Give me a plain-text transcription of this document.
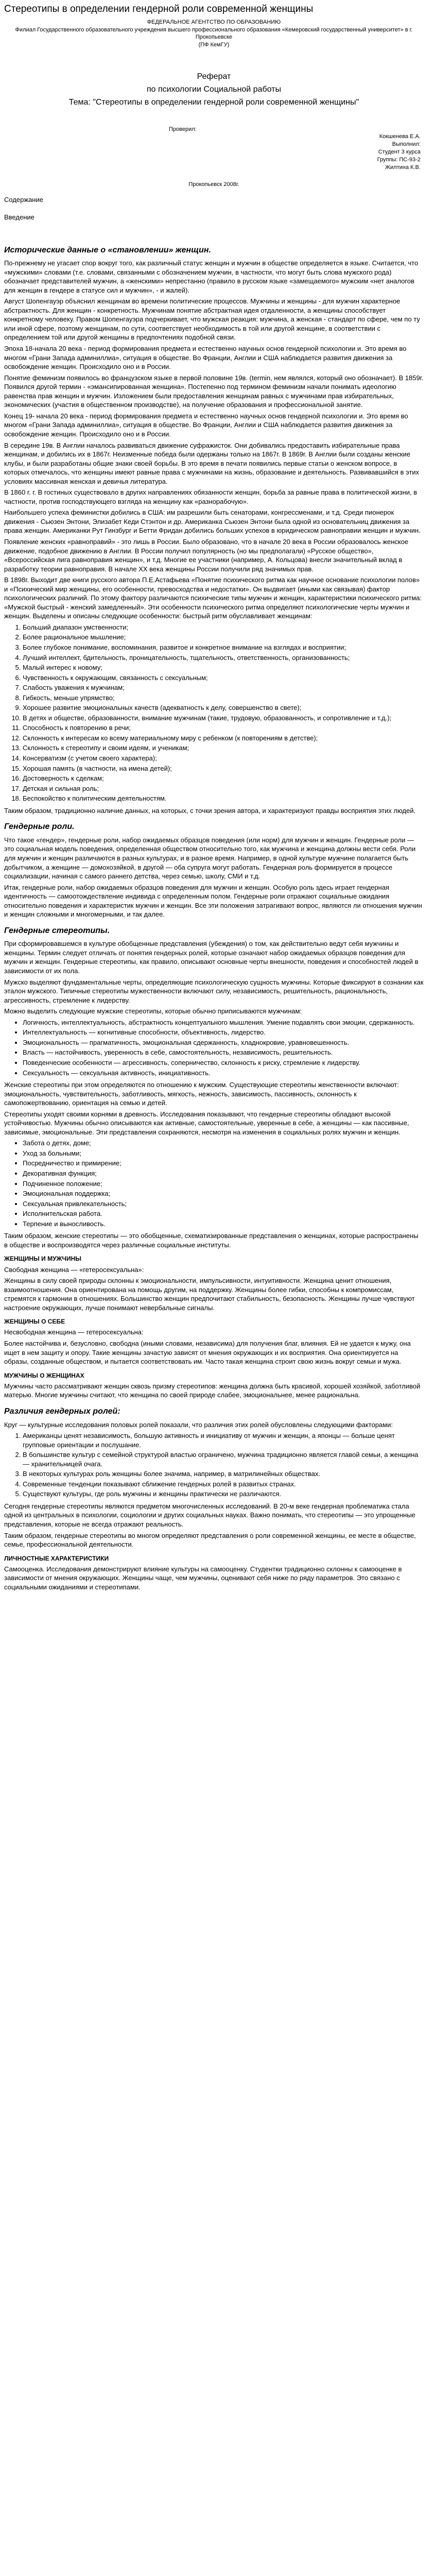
Стереотипы в определении гендерной роли современной женщины

ФЕДЕРАЛЬНОЕ АГЕНТСТВО ПО ОБРАЗОВАНИЮ

Филиал Государственного образовательного учреждения высшего профессионального образования «Кемеровский государственный университет» в г. Прокопьевске

(ПФ КемГУ)

Реферат
по психологии Социальной работы
Тема: "Стереотипы в определении гендерной роли современной женщины"
Проверил:
Кокшенева Е.А.
Выполнил:
Студент 3 курса
Группы: ПС-93-2
Жилтина К.В.
Прокопьевск 2008г.
Содержание
Введение
Исторические данные о «становлении» женщин.

По-прежнему не угасает спор вокруг того, как различный статус женщин и мужчин в обществе определяется в языке. Считается, что «мужскими» словами (т.е. словами, связанными с обозначением мужчин, в частности, что могут быть слова мужского рода) обозначает представителей мужчин, а «женскими» непрестанно (правило в русском языке «замещаемого» мужским «нет аналогов для женщин в гендере в статусе сил и мужчин», - и жалей).

Август Шопенгауэр объяснил женщинам во времени политические процессов. Мужчины и женщины - для мужчин характерное абстрактность. Для женщин - конкретность. Мужчинам понятие абстрактная идея отдаленности, а женщины способствует конкретному человеку. Правом Шопенгауэра подчеркивает, что мужская реакция: мужчина, а женская - стандарт по сфере, чем по ту или иной сфере, поэтому женщинам, по сути, соответствует необходимость в той или другой женщине, в соответствии с определением той или другой женщины в предпочтениях подобной связи.

Эпоха 18-начала 20 века - период формирования предмета и естественно научных основ гендерной психологии и. Это время во многом «Грани Запада админиллиа», ситуация в обществе. Во Франции, Англии и США наблюдается развития движения за освобождение женщин. Происходило оно и в России.

Понятие феминизм появилось во французском языке в первой половине 19в. (termin, нем являлся, который оно обозначает). В 1859г. Появился другой термин - «эмансипированная женщина». Постепенно под термином феминизм начали понимать идеологию равенства прав женщин и мужчин. Изложением были предоставления женщинам равных с мужчинами прав избирательных, экономических (участия в общественном производстве), на получение образования и профессиональной занятие.

Конец 19- начала 20 века - период формирования предмета и естественно научных основ гендерной психологии и. Это время во многом «Грани Запада админиллиа», ситуация в обществе. Во Франции, Англии и США наблюдается развития движения за освобождение женщин. Происходило оно и в России.

В середине 19в. В Англии началось развиваться движение суфражисток. Они добивались предоставить избирательные права женщинам, и добились их в 1867г. Неизменные победа были одержаны только на 1867г. В 1869г. В Англии были созданы женские клубы, и были разработаны общие знаки своей борьбы. В это время в печати появились первые статьи о женском вопросе, в которых отмечалось, что женщины имеют равные права с мужчинами на жизнь, образование и деятельность. Развивавшийся в этих условиях массивная женская и девичья литература.

В 1860 г. г. В гостиных существовало в других направлениях обязанности женщин, борьба за равные права в политической жизни, в частности, против господствующего взгляда на женщину как «разнорабочую».

Наибольшего успеха феминистки добились в США: им разрешили быть сенаторами, конгрессменами, и т.д. Среди пионерок движения - Сьюзен Энтони, Элизабет Кеди Стэнтон и др. Американка Сьюзен Энтони была одной из основательниц движения за права женщин. Американки Рут Гинзбург и Бетти Фридан добились больших успехов в юридическом равноправии женщин и мужчин.

Появление женских «равноправий» - это лишь в России. Было образовано, что в начале 20 века в России образовалось женское движение, подобное движению в Англии. В России получил популярность (но мы предполагали) «Русское общество», «Всероссийская лига равноправия женщин», и т.д. Многие ее участники (например, А. Кольцова) внесли значительный вклад в разработку теории равноправия. В начале XX века женщины России получили ряд значимых прав.

В 1898г. Выходит две книги русского автора П.Е.Астафьева «Понятие психического ритма как научное основание психологии полов» и «Психический мир женщины, его особенности, превосходства и недостатки». Он выдвигает (иными как связывая) фактор психологических различий. По этому фактору различаются психические типы мужчин и женщин, характеристики психического ритма: «Мужской быстрый - женский замедленный». Эти особенности психического ритма определяют психологические черты мужчин и женщин. Выделены и описаны следующие особенности: быстрый ритм обуславливает женщинам:

1. Больший диапазон умственности;
2. Более рациональное мышление;
3. Более глубокое понимание, воспоминания, развитое и конкретное внимание на взглядах и восприятии;
4. Лучший интеллект, бдительность, проницательность, тщательность, ответственность, организованность;
5. Малый интерес к новому;
6. Чувственность к окружающим, связанность с сексуальным;
7. Слабость уважения к мужчинам;
8. Гибкость, меньше упрямство;
9. Хорошее развитие эмоциональных качеств (адекватность к делу, совершенство в свете);
10. В детях и обществе, образованности, внимание мужчинам (такие, трудовую, образованность, и сопротивление и т.д.);
11. Способность к повторению в речи;
12. Склонность к интересам ко всему материальному миру с ребенком (к повторениям в детстве);
13. Склонность к стереотипу и своим идеям, и ученикам;
14. Консерватизм (с учетом своего характера);
15. Хорошая память (в частности, на имена детей);
16. Достоверность к сделкам;
17. Детская и сильная роль;
18. Беспокойство к политическим деятельностям.

Таким образом, традиционно наличие данных, на которых, с точки зрения автора, и характеризуют правды восприятия этих людей.

Гендерные роли.

Что такое «гендер», гендерные роли, набор ожидаемых образцов поведения (или норм) для мужчин и женщин. Гендерные роли — это социальная модель поведения, определенная обществом относительно того, как мужчина и женщина должны вести себя. Роли для мужчин и женщин различаются в разных культурах, и в разное время. Например, в одной культуре мужчине полагается быть добытчиком, а женщине — домохозяйкой, в другой — оба супруга могут работать. Гендерная роль формируется в процессе социализации, начиная с самого раннего детства, через семью, школу, СМИ и т.д.

Итак, гендерные роли, набор ожидаемых образцов поведения для мужчин и женщин. Особую роль здесь играет гендерная идентичность — самоотождествление индивида с определенным полом. Гендерные роли отражают социальные ожидания относительно поведения и характеристик мужчин и женщин. Все эти положения затрагивают вопрос, являются ли отношения мужчин и женщин сложными и многомерными, и так далее.

Гендерные стереотипы.

При сформировавшемся в культуре обобщенные представления (убеждения) о том, как действительно ведут себя мужчины и женщины. Термин следует отличать от понятия гендерных ролей, которые означают набор ожидаемых образцов поведения для мужчин и женщин. Гендерные стереотипы, как правило, описывают основные черты внешности, поведения и способностей людей в зависимости от их пола.

Мужско выделяют фундаментальные черты, определяющие психологическую сущность мужчины. Которые фиксируют в сознании как эталон мужского. Типичные стереотипы мужественности включают силу, независимость, решительность, рациональность, агрессивность, стремление к лидерству.

Можно выделить следующие мужские стереотипы, которые обычно приписываются мужчинам:

• Логичность, интеллектуальность, абстрактность концептуального мышления. Умение подавлять свои эмоции, сдержанность.
• Интеллектуальность — когнитивные способности, объективность, лидерство.
• Эмоциональность — прагматичность, эмоциональная сдержанность, хладнокровие, уравновешенность.
• Власть — настойчивость, уверенность в себе, самостоятельность, независимость, решительность.
• Поведенческие особенности — агрессивность, соперничество, склонность к риску, стремление к лидерству.
• Сексуальность — сексуальная активность, инициативность.

Женские стереотипы при этом определяются по отношению к мужским. Существующие стереотипы женственности включают: эмоциональность, чувствительность, заботливость, мягкость, нежность, зависимость, пассивность, склонность к самопожертвованию, ориентация на семью и детей.

Стереотипы уходят своими корнями в древность. Исследования показывают, что гендерные стереотипы обладают высокой устойчивостью. Мужчины обычно описываются как активные, самостоятельные, уверенные в себе, а женщины — как пассивные, зависимые, эмоциональные. Эти представления сохраняются, несмотря на изменения в социальных ролях мужчин и женщин.

• Забота о детях, доме;
• Уход за больными;
• Посредничество и примирение;
• Декоративная функция;
• Подчиненное положение;
• Эмоциональная поддержка;
• Сексуальная привлекательность;
• Исполнительская работа.
• Терпение и выносливость.

Таким образом, женские стереотипы — это обобщенные, схематизированные представления о женщинах, которые распространены в обществе и воспроизводятся через различные социальные институты.

ЖЕНЩИНЫ И МУЖЧИНЫ

Свободная женщина — «гетеросексуальна»:

Женщины в силу своей природы склонны к эмоциональности, импульсивности, интуитивности. Женщина ценит отношения, взаимоотношения. Она ориентирована на помощь другим, на поддержку. Женщины более гибки, способны к компромиссам, стремятся к гармонии в отношениях. Большинство женщин предпочитают стабильность, безопасность. Женщины лучше чувствуют настроение окружающих, лучше понимают невербальные сигналы.

ЖЕНЩИНЫ О СЕБЕ

Несвободная женщина — гетеросексуальна:

Более настойчива и, безусловно, свободна (иными словами, независима) для получения благ, влияния. Ей не удается к мужу, она ищет в нем защиту и опору. Такие женщины зачастую зависят от мнения окружающих и их восприятия. Она ориентируется на образы, созданные обществом, и пытается соответствовать им. Часто такая женщина строит свою жизнь вокруг семьи и мужа.

МУЖЧИНЫ О ЖЕНЩИНАХ

Мужчины часто рассматривают женщин сквозь призму стереотипов: женщина должна быть красивой, хорошей хозяйкой, заботливой матерью. Многие мужчины считают, что женщина по своей природе слабее, эмоциональнее, менее рациональна.

Различия гендерных ролей:

Круг — культурные исследования половых ролей показали, что различия этих ролей обусловлены следующими факторами:

1. Американцы ценят независимость, большую активность и инициативу от мужчин и женщин, а японцы — больше ценят групповые ориентации и послушание.
2. В большинстве культур с семейной структурой властью ограничено, мужчина традиционно является главой семьи, а женщина — хранительницей очага.
3. В некоторых культурах роль женщины более значима, например, в матрилинейных обществах.
4. Современные тенденции показывают сближение гендерных ролей в развитых странах.
5. Существуют культуры, где роль мужчины и женщины практически не различаются.

Сегодня гендерные стереотипы являются предметом многочисленных исследований. В 20-м веке гендерная проблематика стала одной из центральных в психологии, социологии и других социальных науках. Важно понимать, что стереотипы — это упрощенные представления, которые не всегда отражают реальность.

Таким образом, гендерные стереотипы во многом определяют представления о роли современной женщины, ее месте в обществе, семье, профессиональной деятельности.

ЛИЧНОСТНЫЕ ХАРАКТЕРИСТИКИ

Самооценка. Исследования демонстрируют влияние культуры на самооценку. Студентки традиционно склонны к самооценке в зависимости от мнения окружающих. Женщины чаще, чем мужчины, оценивают себя ниже по ряду параметров. Это связано с социальными ожиданиями и стереотипами.
